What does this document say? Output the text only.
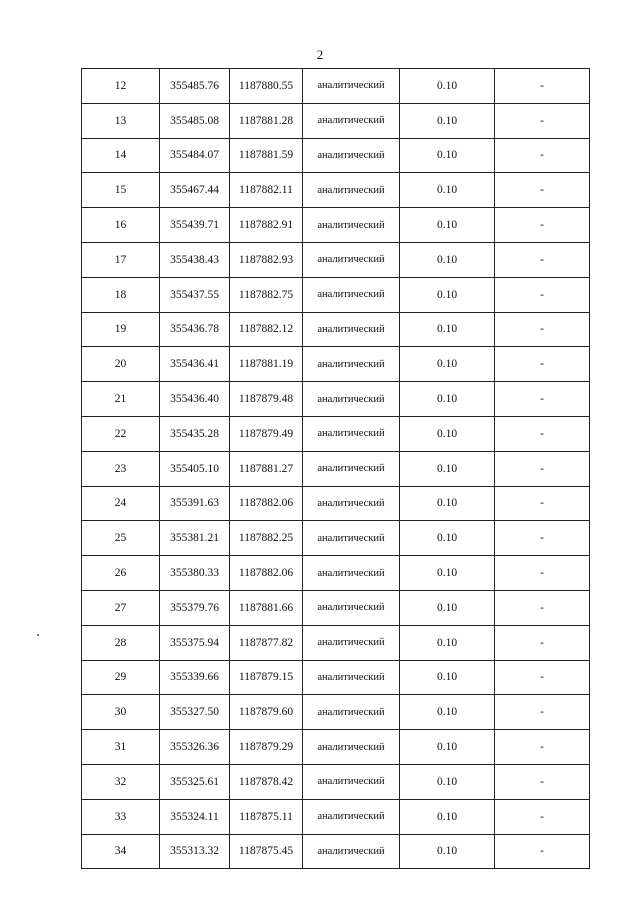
2
12	355485.76	1187880.55	аналитический	0.10	-
13	355485.08	1187881.28	аналитический	0.10	-
14	355484.07	1187881.59	аналитический	0.10	-
15	355467.44	1187882.11	аналитический	0.10	-
16	355439.71	1187882.91	аналитический	0.10	-
17	355438.43	1187882.93	аналитический	0.10	-
18	355437.55	1187882.75	аналитический	0.10	-
19	355436.78	1187882.12	аналитический	0.10	-
20	355436.41	1187881.19	аналитический	0.10	-
21	355436.40	1187879.48	аналитический	0.10	-
22	355435.28	1187879.49	аналитический	0.10	-
23	355405.10	1187881.27	аналитический	0.10	-
24	355391.63	1187882.06	аналитический	0.10	-
25	355381.21	1187882.25	аналитический	0.10	-
26	355380.33	1187882.06	аналитический	0.10	-
27	355379.76	1187881.66	аналитический	0.10	-
28	355375.94	1187877.82	аналитический	0.10	-
29	355339.66	1187879.15	аналитический	0.10	-
30	355327.50	1187879.60	аналитический	0.10	-
31	355326.36	1187879.29	аналитический	0.10	-
32	355325.61	1187878.42	аналитический	0.10	-
33	355324.11	1187875.11	аналитический	0.10	-
34	355313.32	1187875.45	аналитический	0.10	-
